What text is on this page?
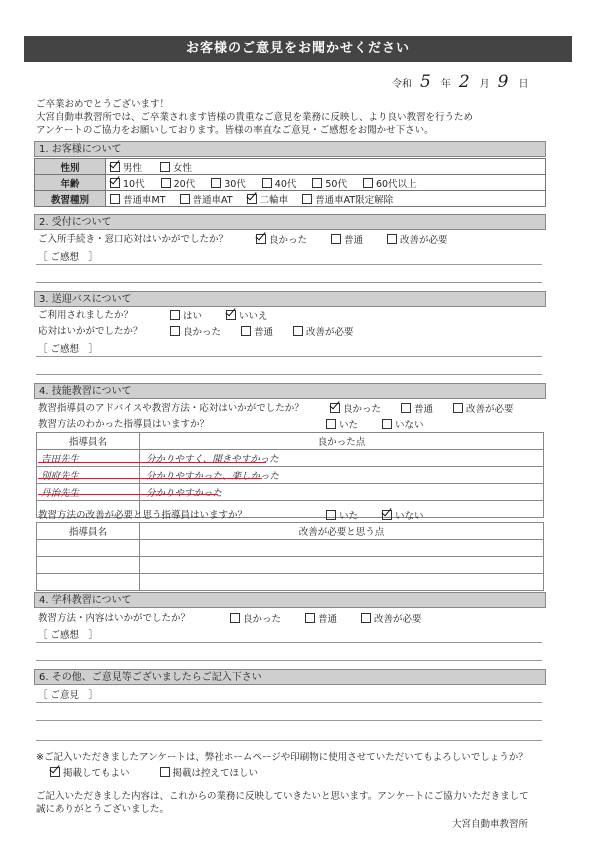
お客様のご意見をお聞かせください
令和 5 年 2 月 9 日
ご卒業おめでとうございます！
大宮自動車教習所では、ご卒業されます皆様の貴重なご意見を業務に反映し、より良い教習を行うため
アンケートのご協力をお願いしております。皆様の率直なご意見・ご感想をお聞かせ下さい。
1. お客様について
性別	男性 女性
年齢	10代 20代 30代 40代 50代 60代以上
教習種別	普通車MT 普通車AT 二輪車 普通車AT限定解除
2. 受付について
ご入所手続き・窓口応対はいかがでしたか？	良かった	普通	改善が必要
［ ご感想　］
3. 送迎バスについて
ご利用されましたか？	はい	いいえ
応対はいかがでしたか？	良かった	普通	改善が必要
［ ご感想　］
4. 技能教習について
教習指導員のアドバイスや教習方法・応対はいかがでしたか？	良かった	普通	改善が必要
教習方法のわかった指導員はいますか？	いた	いない
指導員名	良かった点
吉田先生	分かりやすく、聞きやすかった
別府先生	分かりやすかった、楽しかった
丹治先生	分かりやすかった

教習方法の改善が必要と思う指導員はいますか？	いた	いない
指導員名	改善が必要と思う点

4. 学科教習について
教習方法・内容はいかがでしたか？	良かった	普通	改善が必要
［ ご感想　］
6. その他、ご意見等ございましたらご記入下さい
［ ご意見　］
※ご記入いただきましたアンケートは、弊社ホームページや印刷物に使用させていただいてもよろしいでしょうか？
掲載してもよい	掲載は控えてほしい
ご記入いただきました内容は、これからの業務に反映していきたいと思います。アンケートにご協力いただきまして
誠にありがとうございました。
大宮自動車教習所
